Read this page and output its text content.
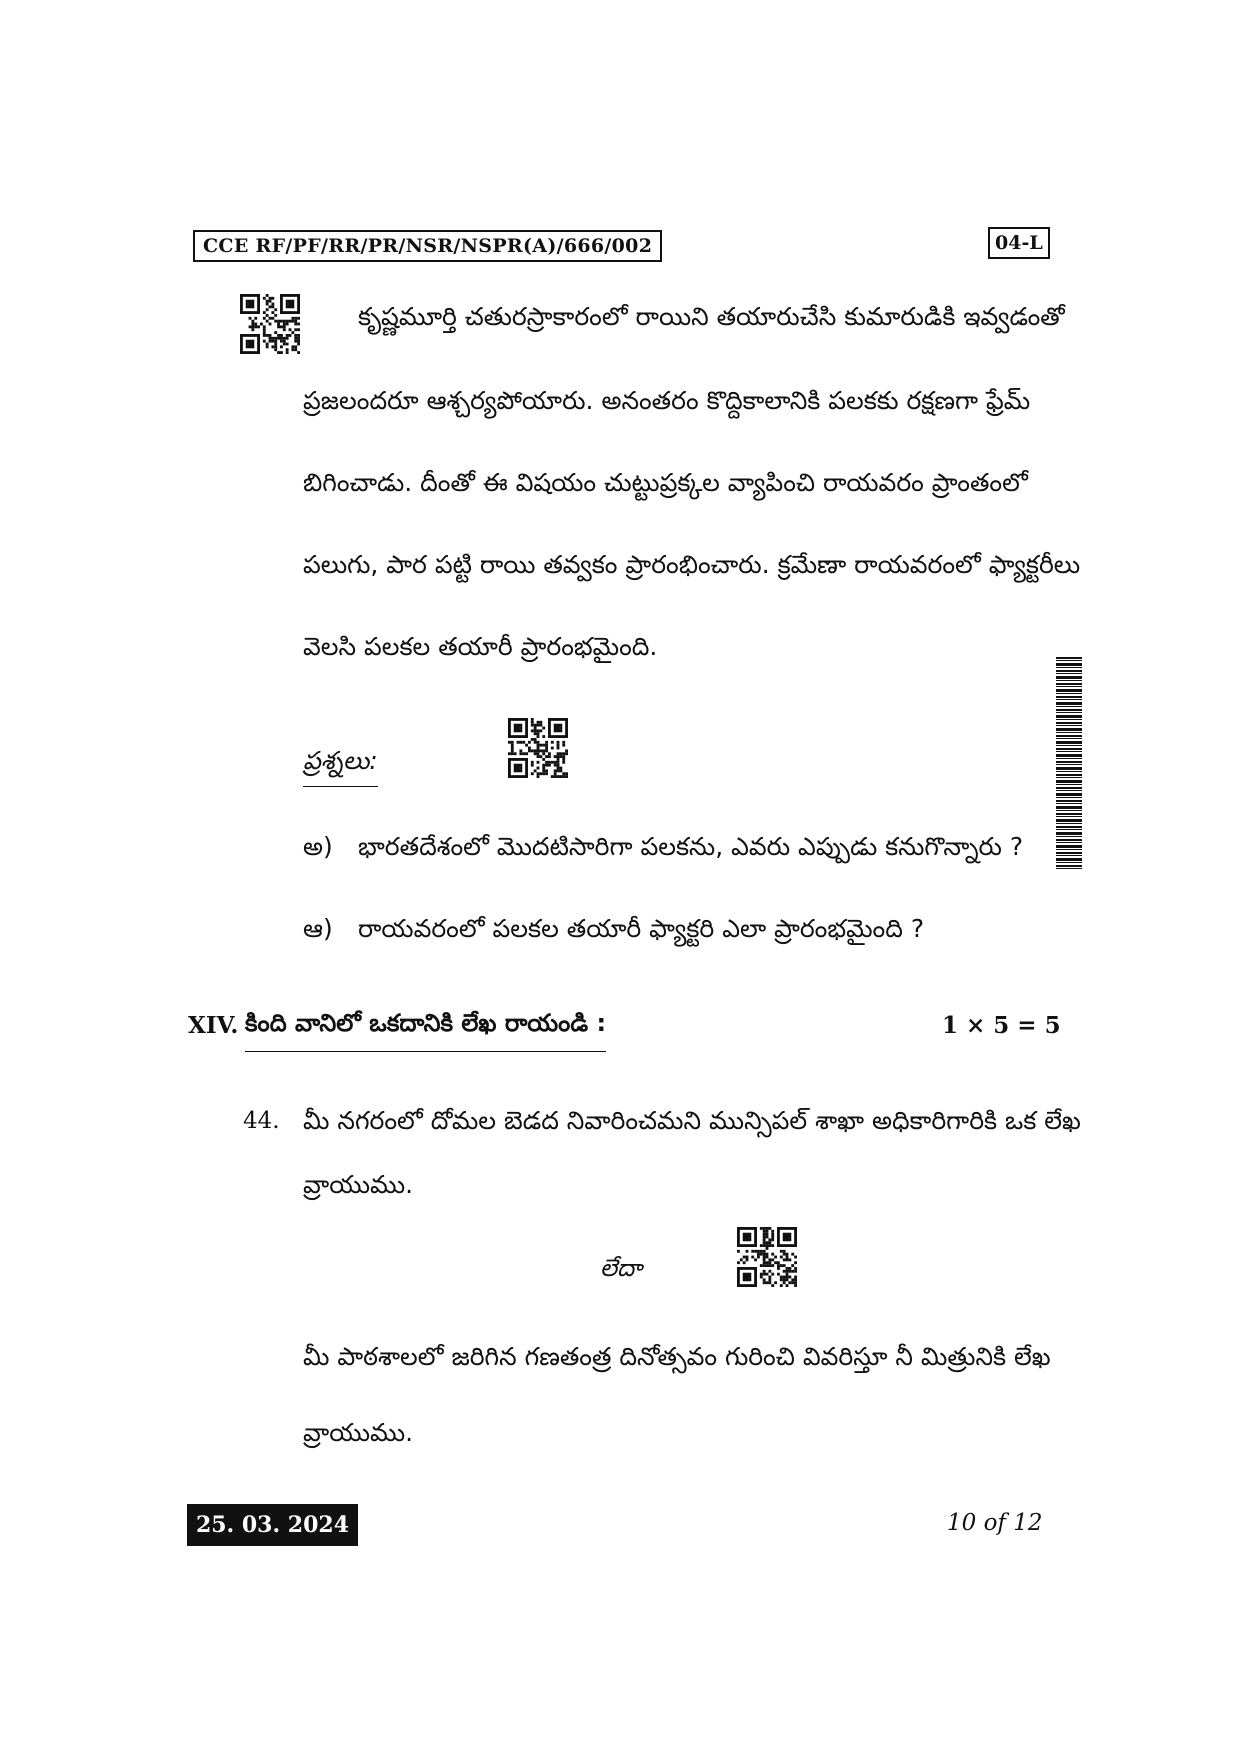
CCE RF/PF/RR/PR/NSR/NSPR(A)/666/002	04-L
కృష్ణమూర్తి చతురస్రాకారంలో రాయిని తయారుచేసి కుమారుడికి ఇవ్వడంతో
ప్రజలందరూ ఆశ్చర్యపోయారు. అనంతరం కొద్దికాలానికి పలకకు రక్షణగా ఫ్రేమ్
బిగించాడు. దీంతో ఈ విషయం చుట్టుప్రక్కల వ్యాపించి రాయవరం ప్రాంతంలో
పలుగు, పార పట్టి రాయి తవ్వకం ప్రారంభించారు. క్రమేణా రాయవరంలో ఫ్యాక్టరీలు
వెలసి పలకల తయారీ ప్రారంభమైంది.
ప్రశ్నలు:
అ) భారతదేశంలో మొదటిసారిగా పలకను, ఎవరు ఎప్పుడు కనుగొన్నారు ?
ఆ) రాయవరంలో పలకల తయారీ ఫ్యాక్టరి ఎలా ప్రారంభమైంది ?
XIV. కింది వానిలో ఒకదానికి లేఖ రాయండి :	1 × 5 = 5
44. మీ నగరంలో దోమల బెడద నివారించమని మున్సిపల్ శాఖా అధికారిగారికి ఒక లేఖ
వ్రాయుము.
లేదా
మీ పాఠశాలలో జరిగిన గణతంత్ర దినోత్సవం గురించి వివరిస్తూ నీ మిత్రునికి లేఖ
వ్రాయుము.
25. 03. 2024	10 of 12
